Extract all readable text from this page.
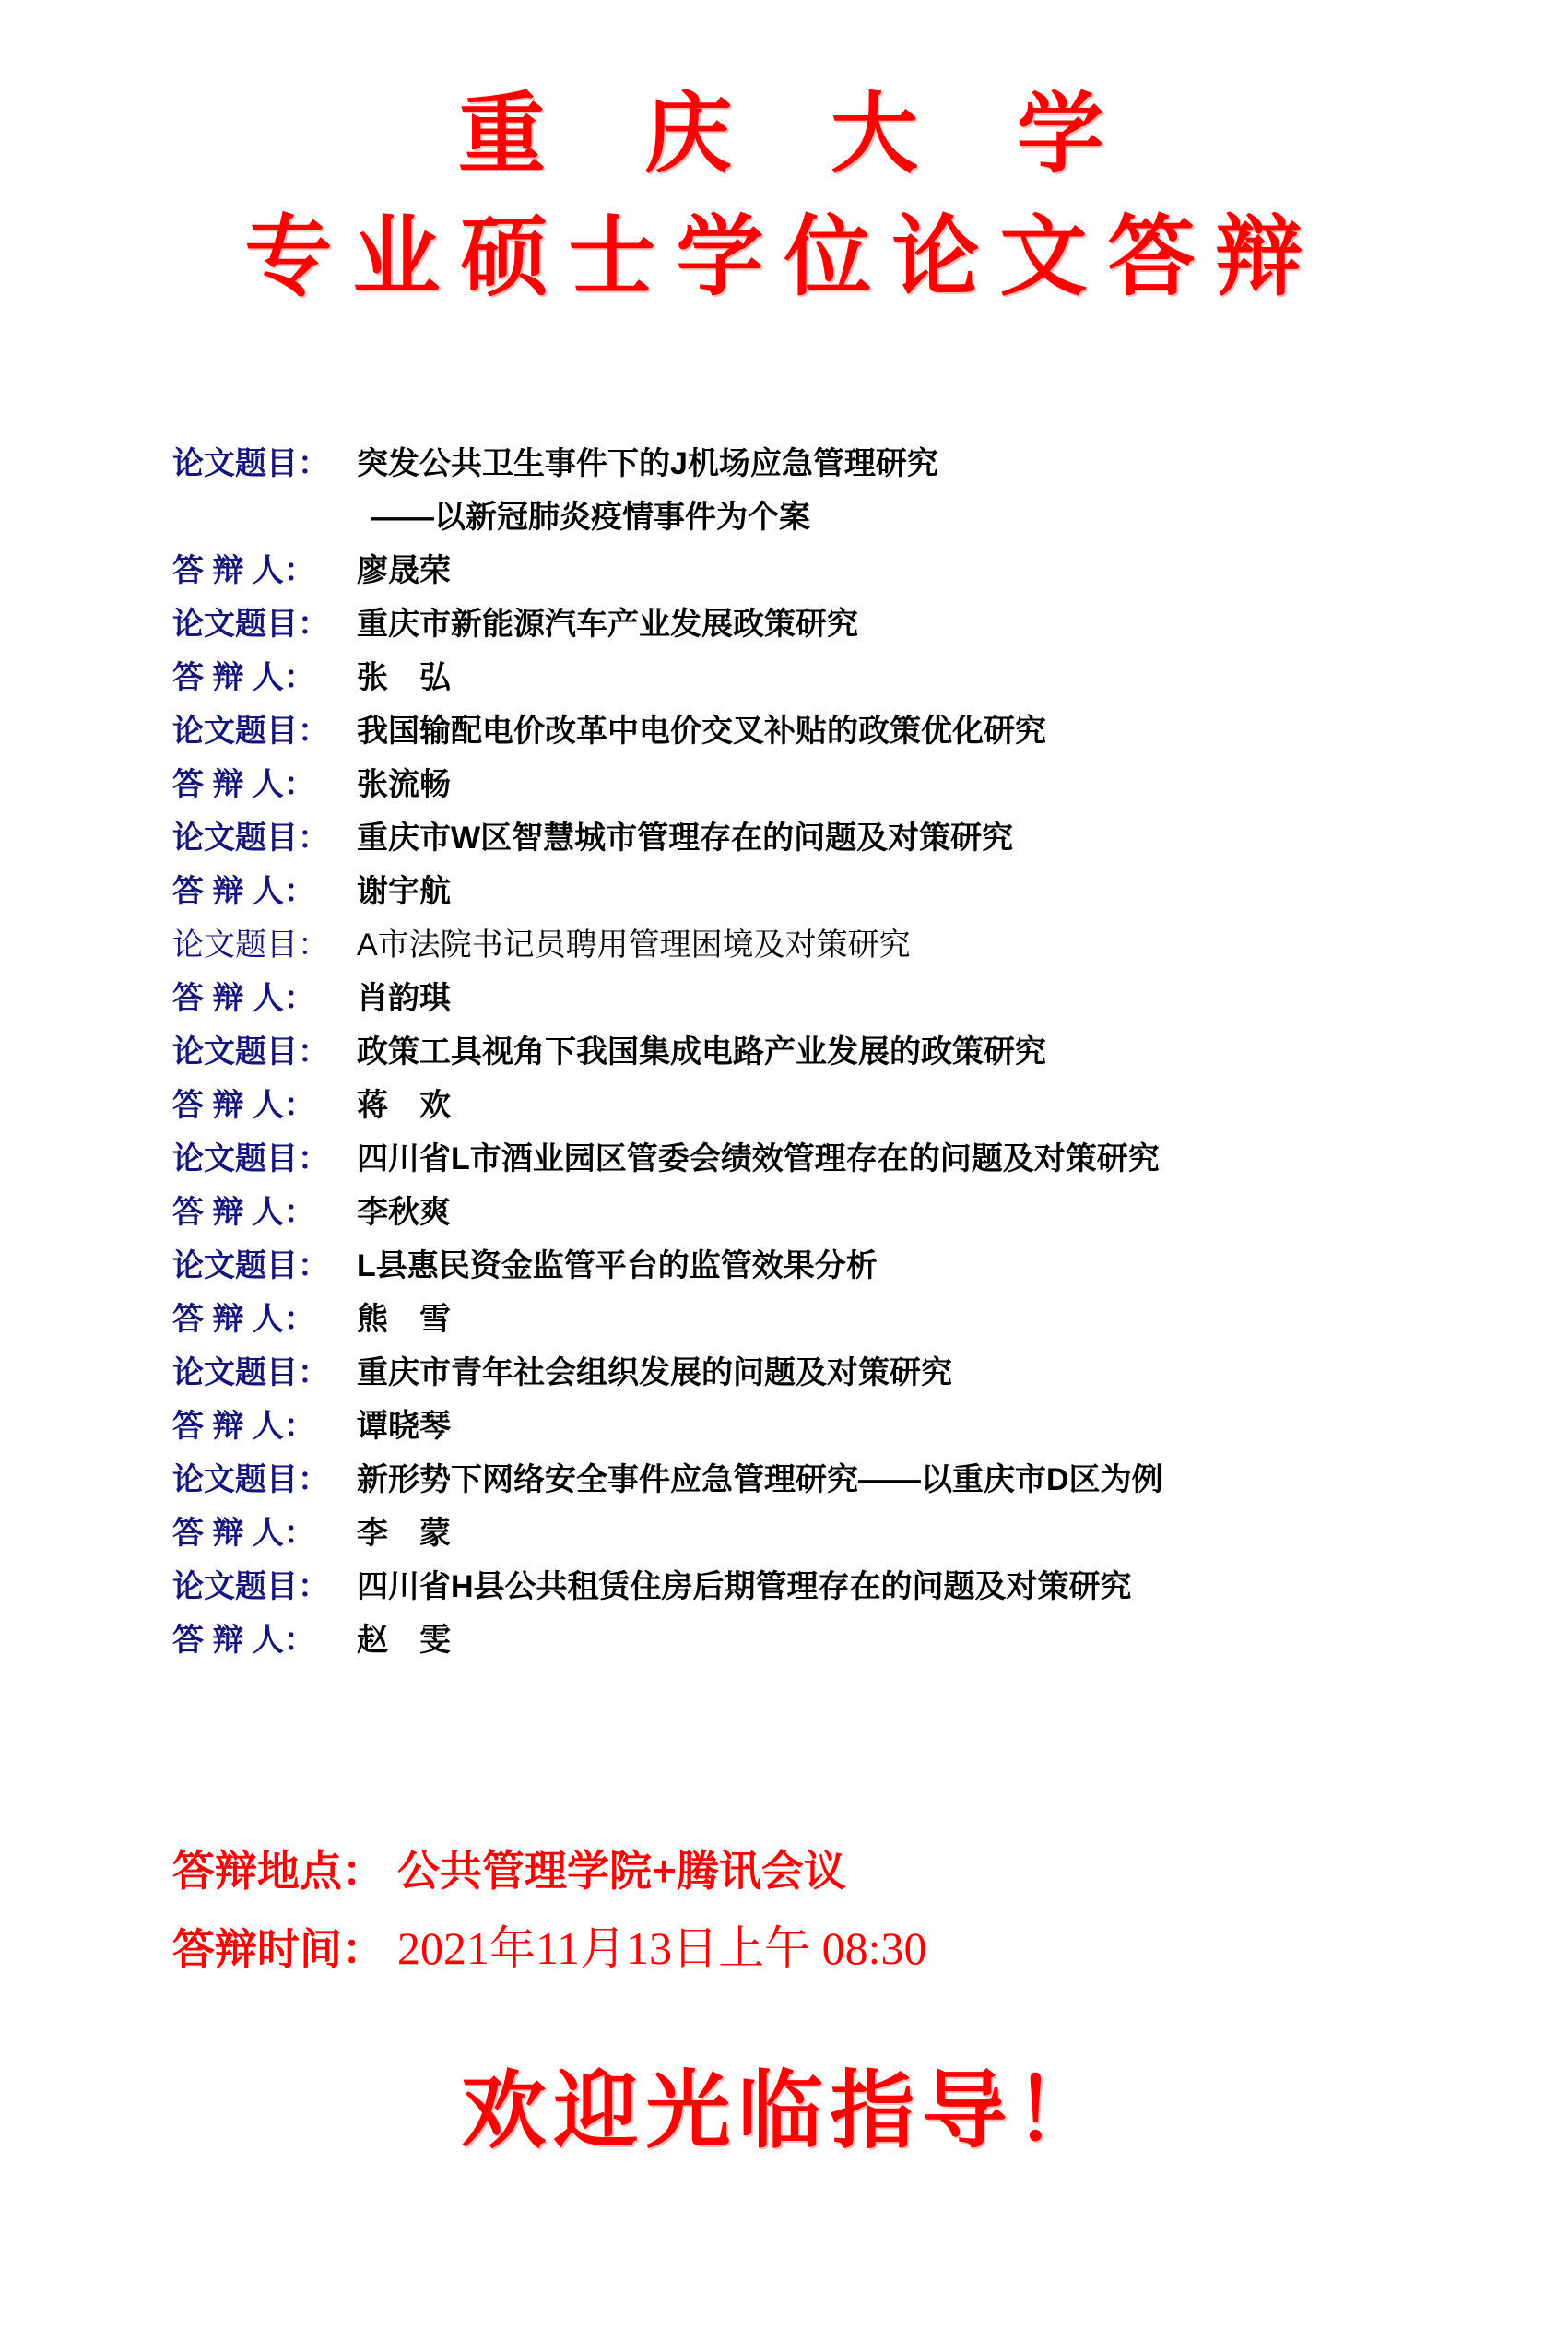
重　庆　大　学
专业硕士学位论文答辩
论文题目： 突发公共卫生事件下的J机场应急管理研究
——以新冠肺炎疫情事件为个案
答 辩 人：	廖晟荣
论文题目： 重庆市新能源汽车产业发展政策研究
答 辩 人：	张　弘
论文题目： 我国输配电价改革中电价交叉补贴的政策优化研究
答 辩 人：	张流畅
论文题目： 重庆市W区智慧城市管理存在的问题及对策研究
答 辩 人：	谢宇航
论文题目： A市法院书记员聘用管理困境及对策研究
答 辩 人：	肖韵琪
论文题目： 政策工具视角下我国集成电路产业发展的政策研究
答 辩 人：	蒋　欢
论文题目： 四川省L市酒业园区管委会绩效管理存在的问题及对策研究
答 辩 人：	李秋爽
论文题目： L县惠民资金监管平台的监管效果分析
答 辩 人：	熊　雪
论文题目： 重庆市青年社会组织发展的问题及对策研究
答 辩 人：	谭晓琴
论文题目： 新形势下网络安全事件应急管理研究——以重庆市D区为例
答 辩 人：	李　蒙
论文题目： 四川省H县公共租赁住房后期管理存在的问题及对策研究
答 辩 人：	赵　雯
答辩地点： 公共管理学院+腾讯会议
答辩时间： 2021年11月13日上午 08:30
欢迎光临指导！
